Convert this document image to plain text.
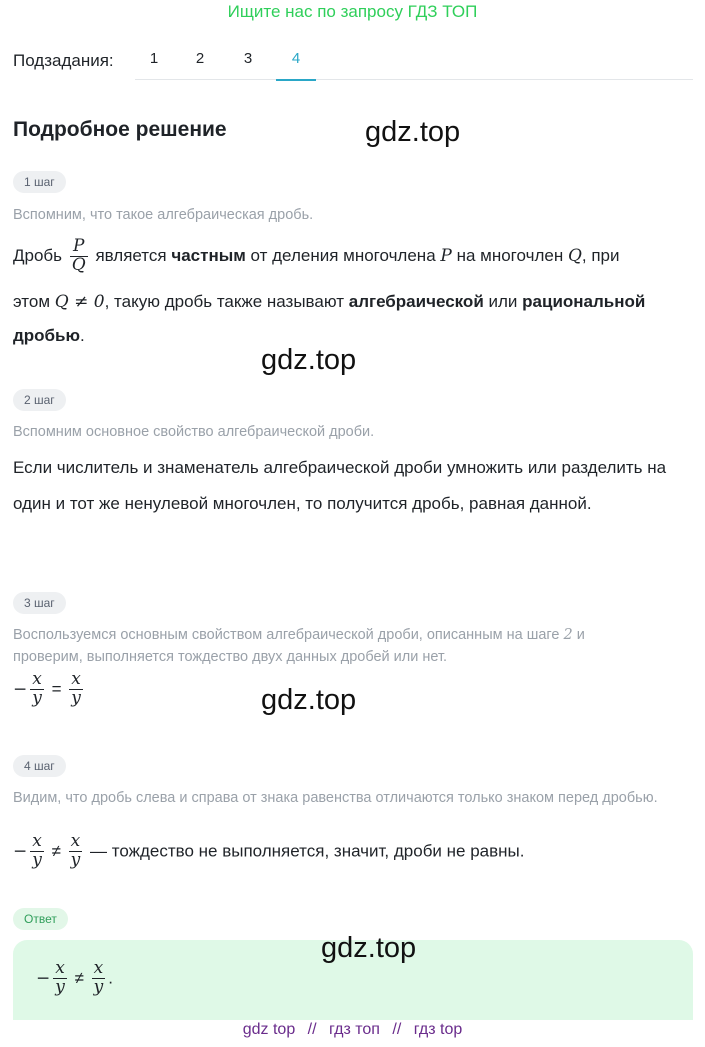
Ищите нас по запросу ГДЗ ТОП
Подзадания:	1	2	3	4
Подробное решение	gdz.top
1 шаг
Вспомним, что такое алгебраическая дробь.
Дробь $\frac{P}{Q}$ является частным от деления многочлена P на многочлен Q, при
этом Q ≠ 0, такую дробь также называют алгебраической или рациональной
дробью.
gdz.top
2 шаг
Вспомним основное свойство алгебраической дроби.
Если числитель и знаменатель алгебраической дроби умножить или разделить на один и тот же ненулевой многочлен, то получится дробь, равная данной.
3 шаг
Воспользуемся основным свойством алгебраической дроби, описанным на шаге 2 и
проверим, выполняется тождество двух данных дробей или нет.
− $\frac{x}{y} = \frac{x}{y}$	gdz.top
4 шаг
Видим, что дробь слева и справа от знака равенства отличаются только знаком перед дробью.
− $\frac{x}{y} \ne \frac{x}{y}$ — тождество не выполняется, значит, дроби не равны.
Ответ
− $\frac{x}{y} \ne \frac{x}{y}$ .
gdz.top
gdz top // гдз топ // гдз top
